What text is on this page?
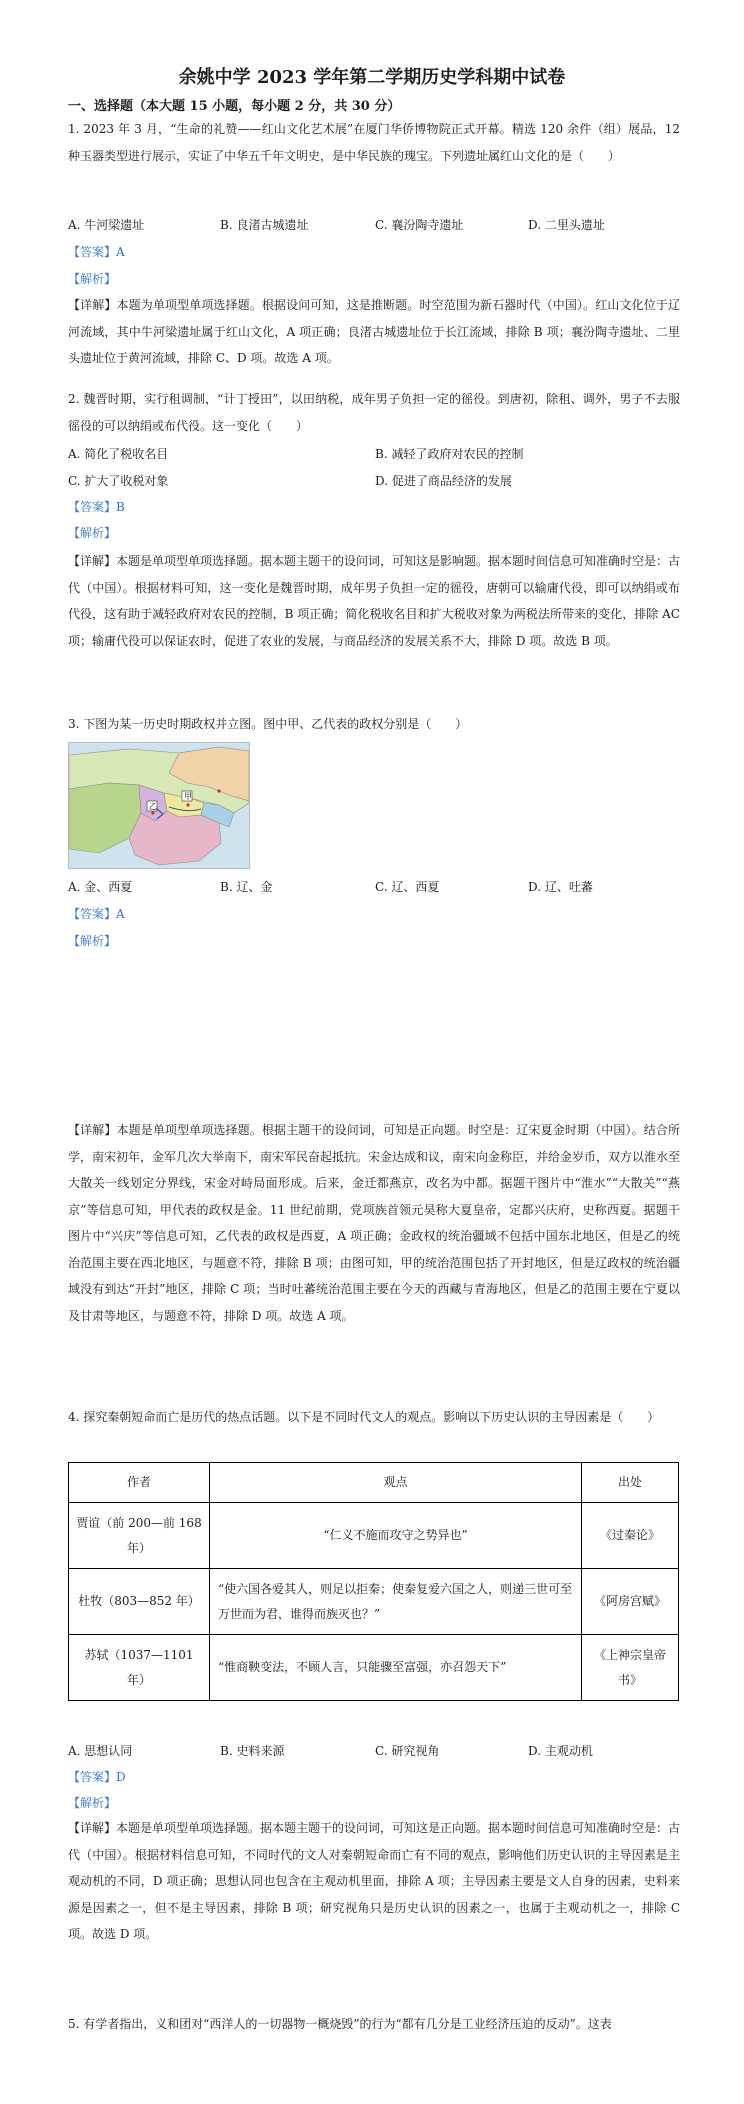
余姚中学 2023 学年第二学期历史学科期中试卷
一、选择题（本大题 15 小题，每小题 2 分，共 30 分）

1. 2023 年 3 月，“生命的礼赞——红山文化艺术展”在厦门华侨博物院正式开幕。精选 120 余件（组）展品，12 种玉器类型进行展示，实证了中华五千年文明史，是中华民族的瑰宝。下列遗址属红山文化的是（　　）

A. 牛河梁遗址	B. 良渚古城遗址	C. 襄汾陶寺遗址	D. 二里头遗址
【答案】A
【解析】

【详解】本题为单项型单项选择题。根据设问可知，这是推断题。时空范围为新石器时代（中国）。红山文化位于辽河流域，其中牛河梁遗址属于红山文化，A 项正确；良渚古城遗址位于长江流域，排除 B 项；襄汾陶寺遗址、二里头遗址位于黄河流域，排除 C、D 项。故选 A 项。

2. 魏晋时期，实行租调制，“计丁授田”，以田纳税，成年男子负担一定的徭役。到唐初，除租、调外，男子不去服徭役的可以纳绢或布代役。这一变化（　　）

A. 简化了税收名目	B. 减轻了政府对农民的控制
C. 扩大了收税对象	D. 促进了商品经济的发展
【答案】B
【解析】

【详解】本题是单项型单项选择题。据本题主题干的设问词，可知这是影响题。据本题时间信息可知准确时空是：古代（中国）。根据材料可知，这一变化是魏晋时期，成年男子负担一定的徭役，唐朝可以输庸代役，即可以纳绢或布代役，这有助于减轻政府对农民的控制，B 项正确；简化税收名目和扩大税收对象为两税法所带来的变化，排除 AC 项；输庸代役可以保证农时，促进了农业的发展，与商品经济的发展关系不大，排除 D 项。故选 B 项。

3. 下图为某一历史时期政权并立图。图中甲、乙代表的政权分别是（　　）
甲
乙
A. 金、西夏	B. 辽、金	C. 辽、西夏	D. 辽、吐蕃
【答案】A
【解析】

【详解】本题是单项型单项选择题。根据主题干的设问词，可知是正向题。时空是：辽宋夏金时期（中国）。结合所学，南宋初年，金军几次大举南下，南宋军民奋起抵抗。宋金达成和议，南宋向金称臣，并给金岁币，双方以淮水至大散关一线划定分界线，宋金对峙局面形成。后来，金迁都燕京，改名为中都。据题干图片中“淮水”“大散关”“燕京”等信息可知，甲代表的政权是金。11 世纪前期，党项族首领元昊称大夏皇帝，定都兴庆府，史称西夏。据题干图片中“兴庆”等信息可知，乙代表的政权是西夏，A 项正确；金政权的统治疆域不包括中国东北地区，但是乙的统治范围主要在西北地区，与题意不符，排除 B 项；由图可知，甲的统治范围包括了开封地区，但是辽政权的统治疆域没有到达“开封”地区，排除 C 项；当时吐蕃统治范围主要在今天的西藏与青海地区，但是乙的范围主要在宁夏以及甘肃等地区，与题意不符，排除 D 项。故选 A 项。

4. 探究秦朝短命而亡是历代的热点话题。以下是不同时代文人的观点。影响以下历史认识的主导因素是（　　）

作者	观点	出处
贾谊（前 200—前 168 年）	“仁义不施而攻守之势异也”	《过秦论》
杜牧（803—852 年）	“使六国各爱其人，则足以拒秦；使秦复爱六国之人，则递三世可至万世而为君，谁得而族灭也？”	《阿房宫赋》
苏轼（1037—1101 年）	“惟商鞅变法，不顾人言，只能骤至富强，亦召怨天下”	《上神宗皇帝书》
A. 思想认同	B. 史料来源	C. 研究视角	D. 主观动机
【答案】D
【解析】

【详解】本题是单项型单项选择题。据本题主题干的设问词，可知这是正向题。据本题时间信息可知准确时空是：古代（中国）。根据材料信息可知，不同时代的文人对秦朝短命而亡有不同的观点，影响他们历史认识的主导因素是主观动机的不同，D 项正确；思想认同也包含在主观动机里面，排除 A 项；主导因素主要是文人自身的因素，史料来源是因素之一，但不是主导因素，排除 B 项；研究视角只是历史认识的因素之一，也属于主观动机之一，排除 C 项。故选 D 项。

5. 有学者指出，义和团对“西洋人的一切器物一概烧毁”的行为“都有几分是工业经济压迫的反动”。这表
